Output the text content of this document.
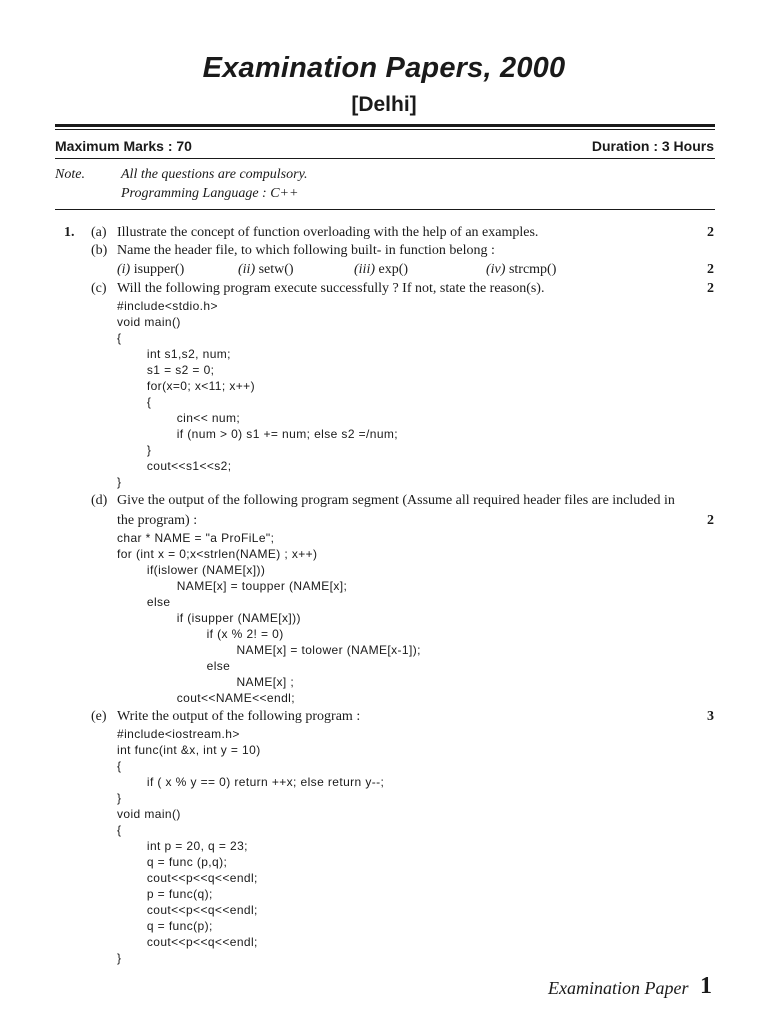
Examination Papers, 2000
[Delhi]
Maximum Marks : 70	Duration : 3 Hours
Note.	All the questions are compulsory.
Programming Language : C++
1. (a) Illustrate the concept of function overloading with the help of an examples.	2
(b) Name the header file, to which following built- in function belong :
(i) isupper()	(ii) setw()	(iii) exp()	(iv) strcmp()	2
(c) Will the following program execute successfully ? If not, state the reason(s).	2
#include<stdio.h>
void main()
{
int s1,s2, num;
s1 = s2 = 0;
for(x=0; x<11; x++)
{
cin<< num;
if (num > 0) s1 += num; else s2 =/num;
}
cout<<s1<<s2;
}
(d) Give the output of the following program segment (Assume all required header files are included in
the program) :	2
char * NAME = "a ProFiLe";
for (int x = 0;x<strlen(NAME) ; x++)
if(islower (NAME[x]))
NAME[x] = toupper (NAME[x];
else
if (isupper (NAME[x]))
if (x % 2! = 0)
NAME[x] = tolower (NAME[x-1]);
else
NAME[x] ;
cout<<NAME<<endl;
(e) Write the output of the following program :	3
#include<iostream.h>
int func(int &x, int y = 10)
{
if ( x % y == 0) return ++x; else return y--;
}
void main()
{
int p = 20, q = 23;
q = func (p,q);
cout<<p<<q<<endl;
p = func(q);
cout<<p<<q<<endl;
q = func(p);
cout<<p<<q<<endl;
}
Examination Paper 1
